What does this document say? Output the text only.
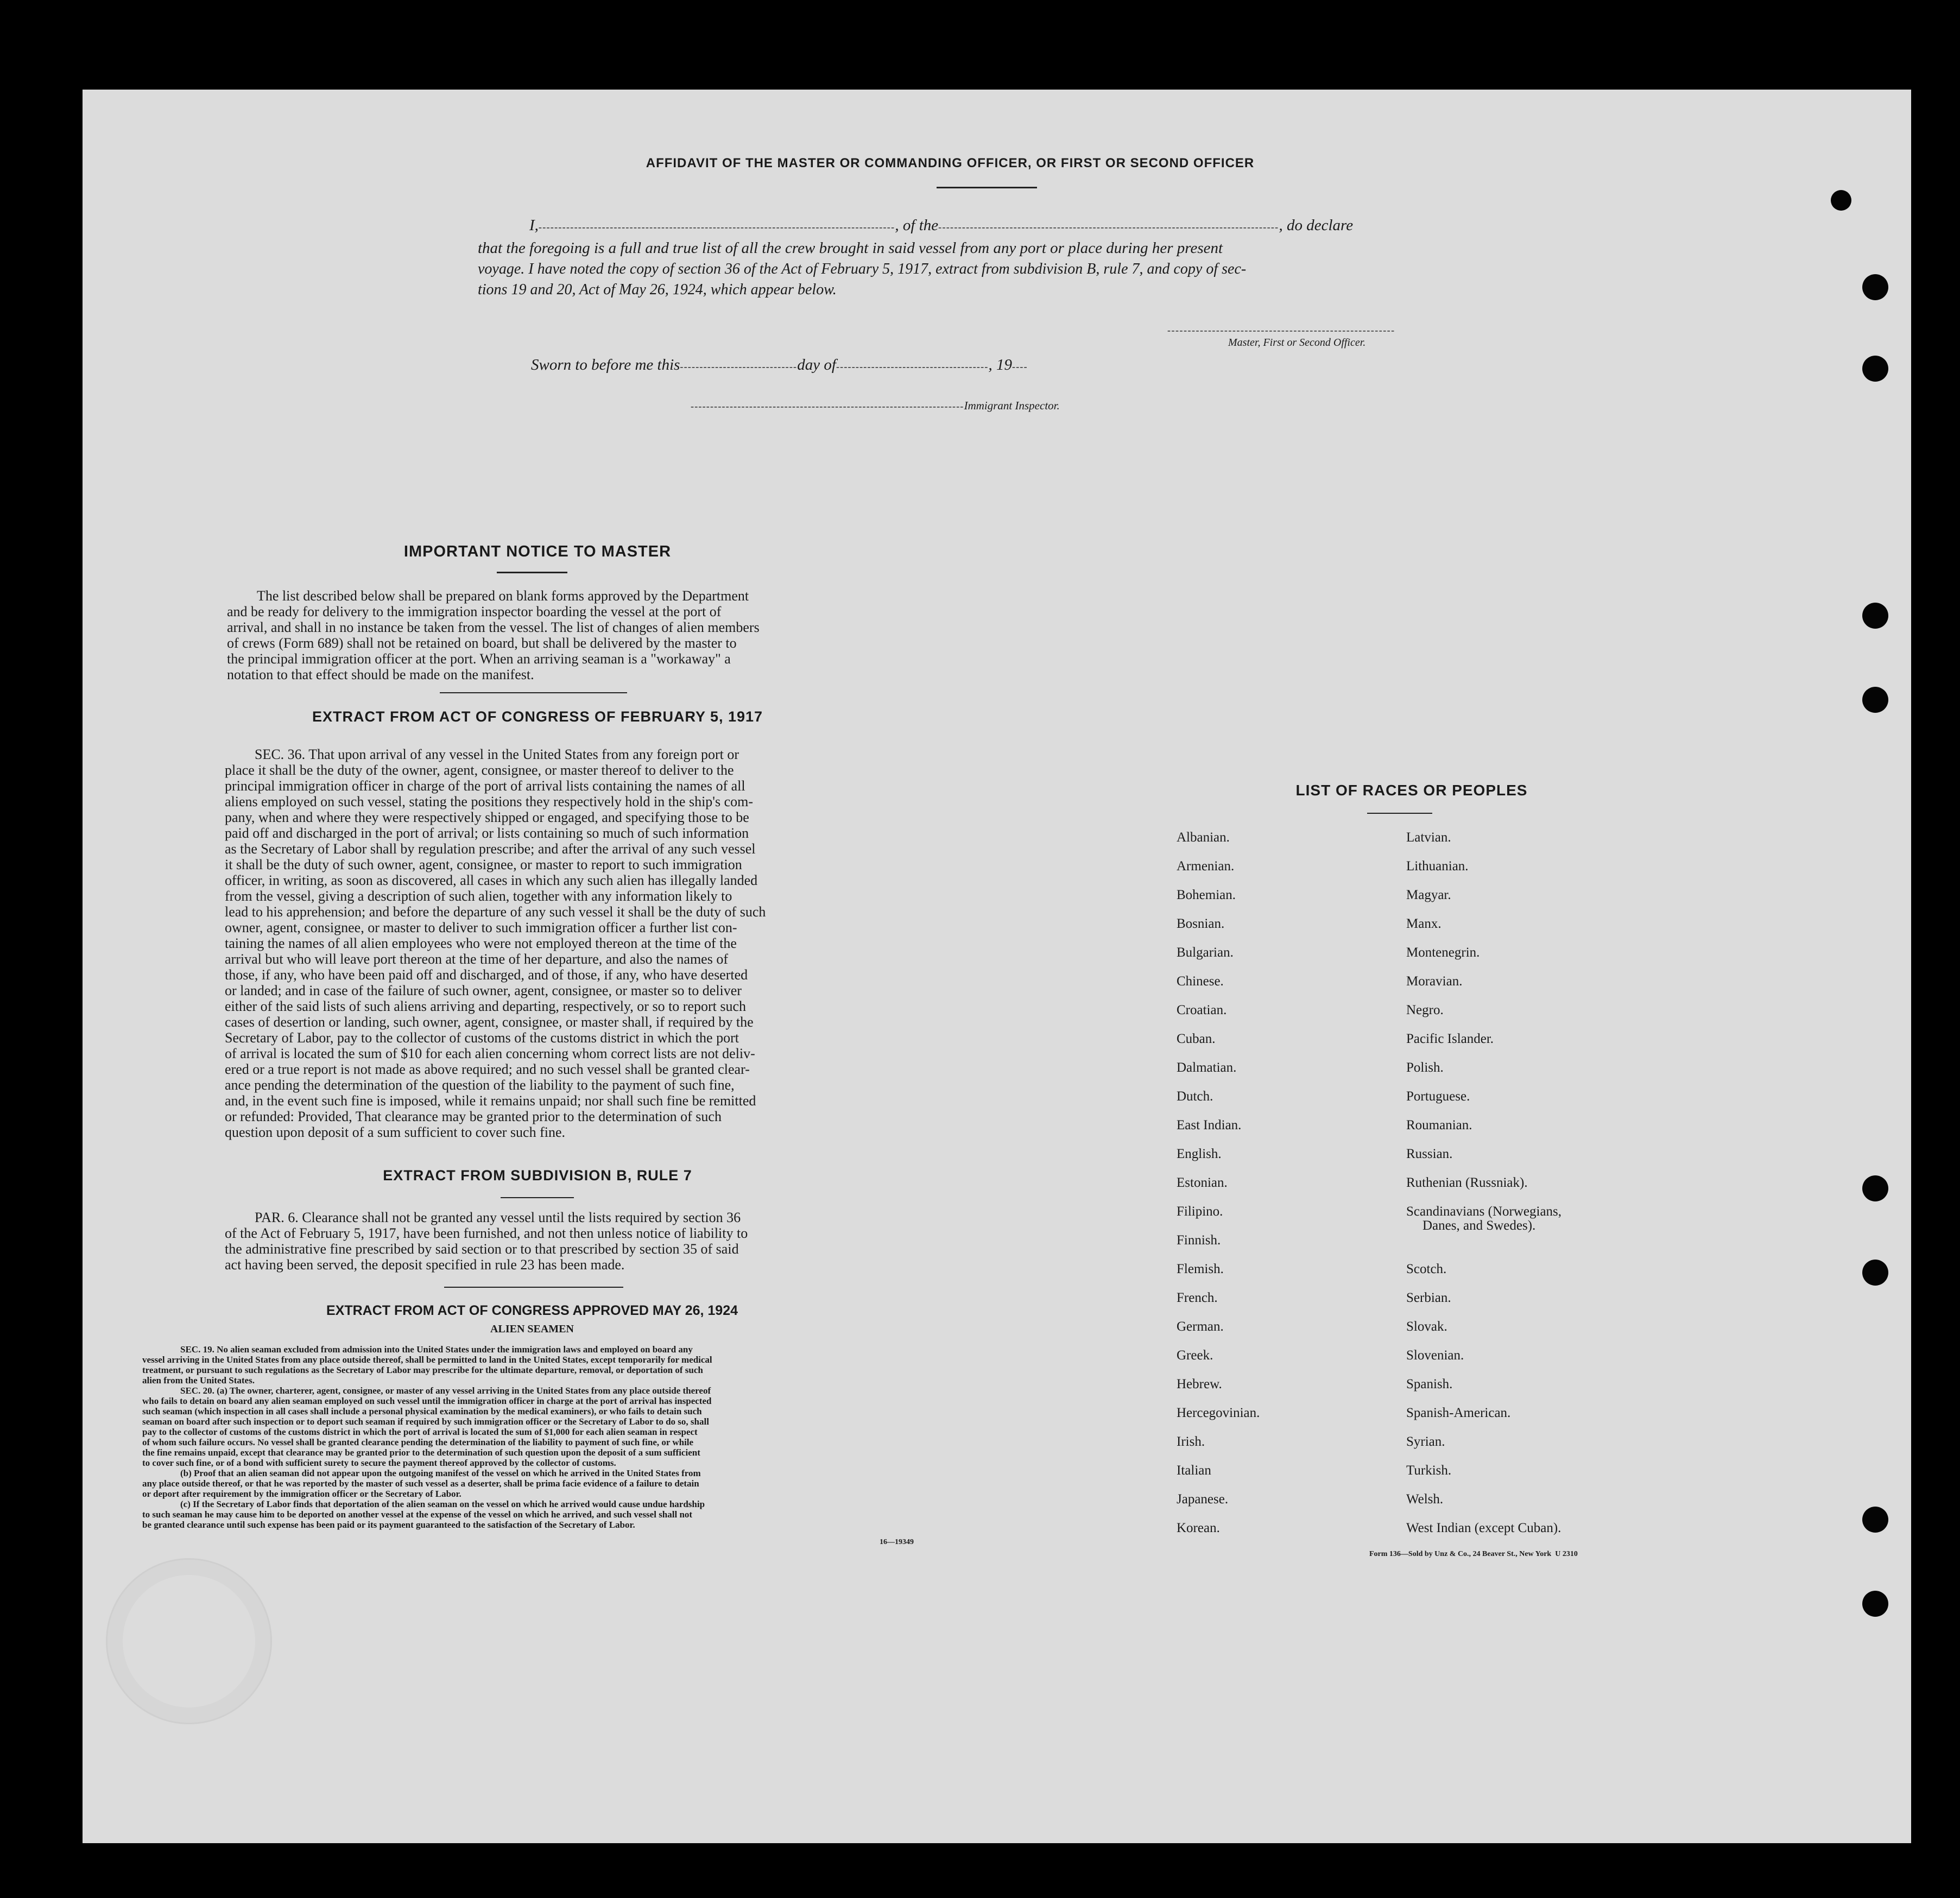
AFFIDAVIT OF THE MASTER OR COMMANDING OFFICER, OR FIRST OR SECOND OFFICER
I,------------------------------------------------------------------------------------------, of the--------------------------------------------------------------------------------------, do declare
that the foregoing is a full and true list of all the crew brought in said vessel from any port or place during her present
voyage. I have noted the copy of section 36 of the Act of February 5, 1917, extract from subdivision B, rule 7, and copy of sec-
tions 19 and 20, Act of May 26, 1924, which appear below.
--------------------------------------------------------
Master, First or Second Officer.
Sworn to before me this------------------------------day of---------------------------------------, 19----
----------------------------------------------------------------------Immigrant Inspector.
IMPORTANT NOTICE TO MASTER
The list described below shall be prepared on blank forms approved by the Department
and be ready for delivery to the immigration inspector boarding the vessel at the port of
arrival, and shall in no instance be taken from the vessel. The list of changes of alien members
of crews (Form 689) shall not be retained on board, but shall be delivered by the master to
the principal immigration officer at the port. When an arriving seaman is a "workaway" a
notation to that effect should be made on the manifest.
EXTRACT FROM ACT OF CONGRESS OF FEBRUARY 5, 1917
SEC. 36. That upon arrival of any vessel in the United States from any foreign port or
place it shall be the duty of the owner, agent, consignee, or master thereof to deliver to the
principal immigration officer in charge of the port of arrival lists containing the names of all
aliens employed on such vessel, stating the positions they respectively hold in the ship's com-
pany, when and where they were respectively shipped or engaged, and specifying those to be
paid off and discharged in the port of arrival; or lists containing so much of such information
as the Secretary of Labor shall by regulation prescribe; and after the arrival of any such vessel
it shall be the duty of such owner, agent, consignee, or master to report to such immigration
officer, in writing, as soon as discovered, all cases in which any such alien has illegally landed
from the vessel, giving a description of such alien, together with any information likely to
lead to his apprehension; and before the departure of any such vessel it shall be the duty of such
owner, agent, consignee, or master to deliver to such immigration officer a further list con-
taining the names of all alien employees who were not employed thereon at the time of the
arrival but who will leave port thereon at the time of her departure, and also the names of
those, if any, who have been paid off and discharged, and of those, if any, who have deserted
or landed; and in case of the failure of such owner, agent, consignee, or master so to deliver
either of the said lists of such aliens arriving and departing, respectively, or so to report such
cases of desertion or landing, such owner, agent, consignee, or master shall, if required by the
Secretary of Labor, pay to the collector of customs of the customs district in which the port
of arrival is located the sum of $10 for each alien concerning whom correct lists are not deliv-
ered or a true report is not made as above required; and no such vessel shall be granted clear-
ance pending the determination of the question of the liability to the payment of such fine,
and, in the event such fine is imposed, while it remains unpaid; nor shall such fine be remitted
or refunded: Provided, That clearance may be granted prior to the determination of such
question upon deposit of a sum sufficient to cover such fine.
EXTRACT FROM SUBDIVISION B, RULE 7
PAR. 6. Clearance shall not be granted any vessel until the lists required by section 36
of the Act of February 5, 1917, have been furnished, and not then unless notice of liability to
the administrative fine prescribed by said section or to that prescribed by section 35 of said
act having been served, the deposit specified in rule 23 has been made.
EXTRACT FROM ACT OF CONGRESS APPROVED MAY 26, 1924
ALIEN SEAMEN
SEC. 19. No alien seaman excluded from admission into the United States under the immigration laws and employed on board any
vessel arriving in the United States from any place outside thereof, shall be permitted to land in the United States, except temporarily for medical
treatment, or pursuant to such regulations as the Secretary of Labor may prescribe for the ultimate departure, removal, or deportation of such
alien from the United States.
SEC. 20. (a) The owner, charterer, agent, consignee, or master of any vessel arriving in the United States from any place outside thereof
who fails to detain on board any alien seaman employed on such vessel until the immigration officer in charge at the port of arrival has inspected
such seaman (which inspection in all cases shall include a personal physical examination by the medical examiners), or who fails to detain such
seaman on board after such inspection or to deport such seaman if required by such immigration officer or the Secretary of Labor to do so, shall
pay to the collector of customs of the customs district in which the port of arrival is located the sum of $1,000 for each alien seaman in respect
of whom such failure occurs. No vessel shall be granted clearance pending the determination of the liability to payment of such fine, or while
the fine remains unpaid, except that clearance may be granted prior to the determination of such question upon the deposit of a sum sufficient
to cover such fine, or of a bond with sufficient surety to secure the payment thereof approved by the collector of customs.
(b) Proof that an alien seaman did not appear upon the outgoing manifest of the vessel on which he arrived in the United States from
any place outside thereof, or that he was reported by the master of such vessel as a deserter, shall be prima facie evidence of a failure to detain
or deport after requirement by the immigration officer or the Secretary of Labor.
(c) If the Secretary of Labor finds that deportation of the alien seaman on the vessel on which he arrived would cause undue hardship
to such seaman he may cause him to be deported on another vessel at the expense of the vessel on which he arrived, and such vessel shall not
be granted clearance until such expense has been paid or its payment guaranteed to the satisfaction of the Secretary of Labor.
16—19349
LIST OF RACES OR PEOPLES
Albanian.
Armenian.
Bohemian.
Bosnian.
Bulgarian.
Chinese.
Croatian.
Cuban.
Dalmatian.
Dutch.
East Indian.
English.
Estonian.
Filipino.
Finnish.
Flemish.
French.
German.
Greek.
Hebrew.
Hercegovinian.
Irish.
Italian
Japanese.
Korean.
Latvian.
Lithuanian.
Magyar.
Manx.
Montenegrin.
Moravian.
Negro.
Pacific Islander.
Polish.
Portuguese.
Roumanian.
Russian.
Ruthenian (Russniak).
Scandinavians (Norwegians,
Danes, and Swedes).
Scotch.
Serbian.
Slovak.
Slovenian.
Spanish.
Spanish-American.
Syrian.
Turkish.
Welsh.
West Indian (except Cuban).
Form 136—Sold by Unz & Co., 24 Beaver St., New York  U 2310
